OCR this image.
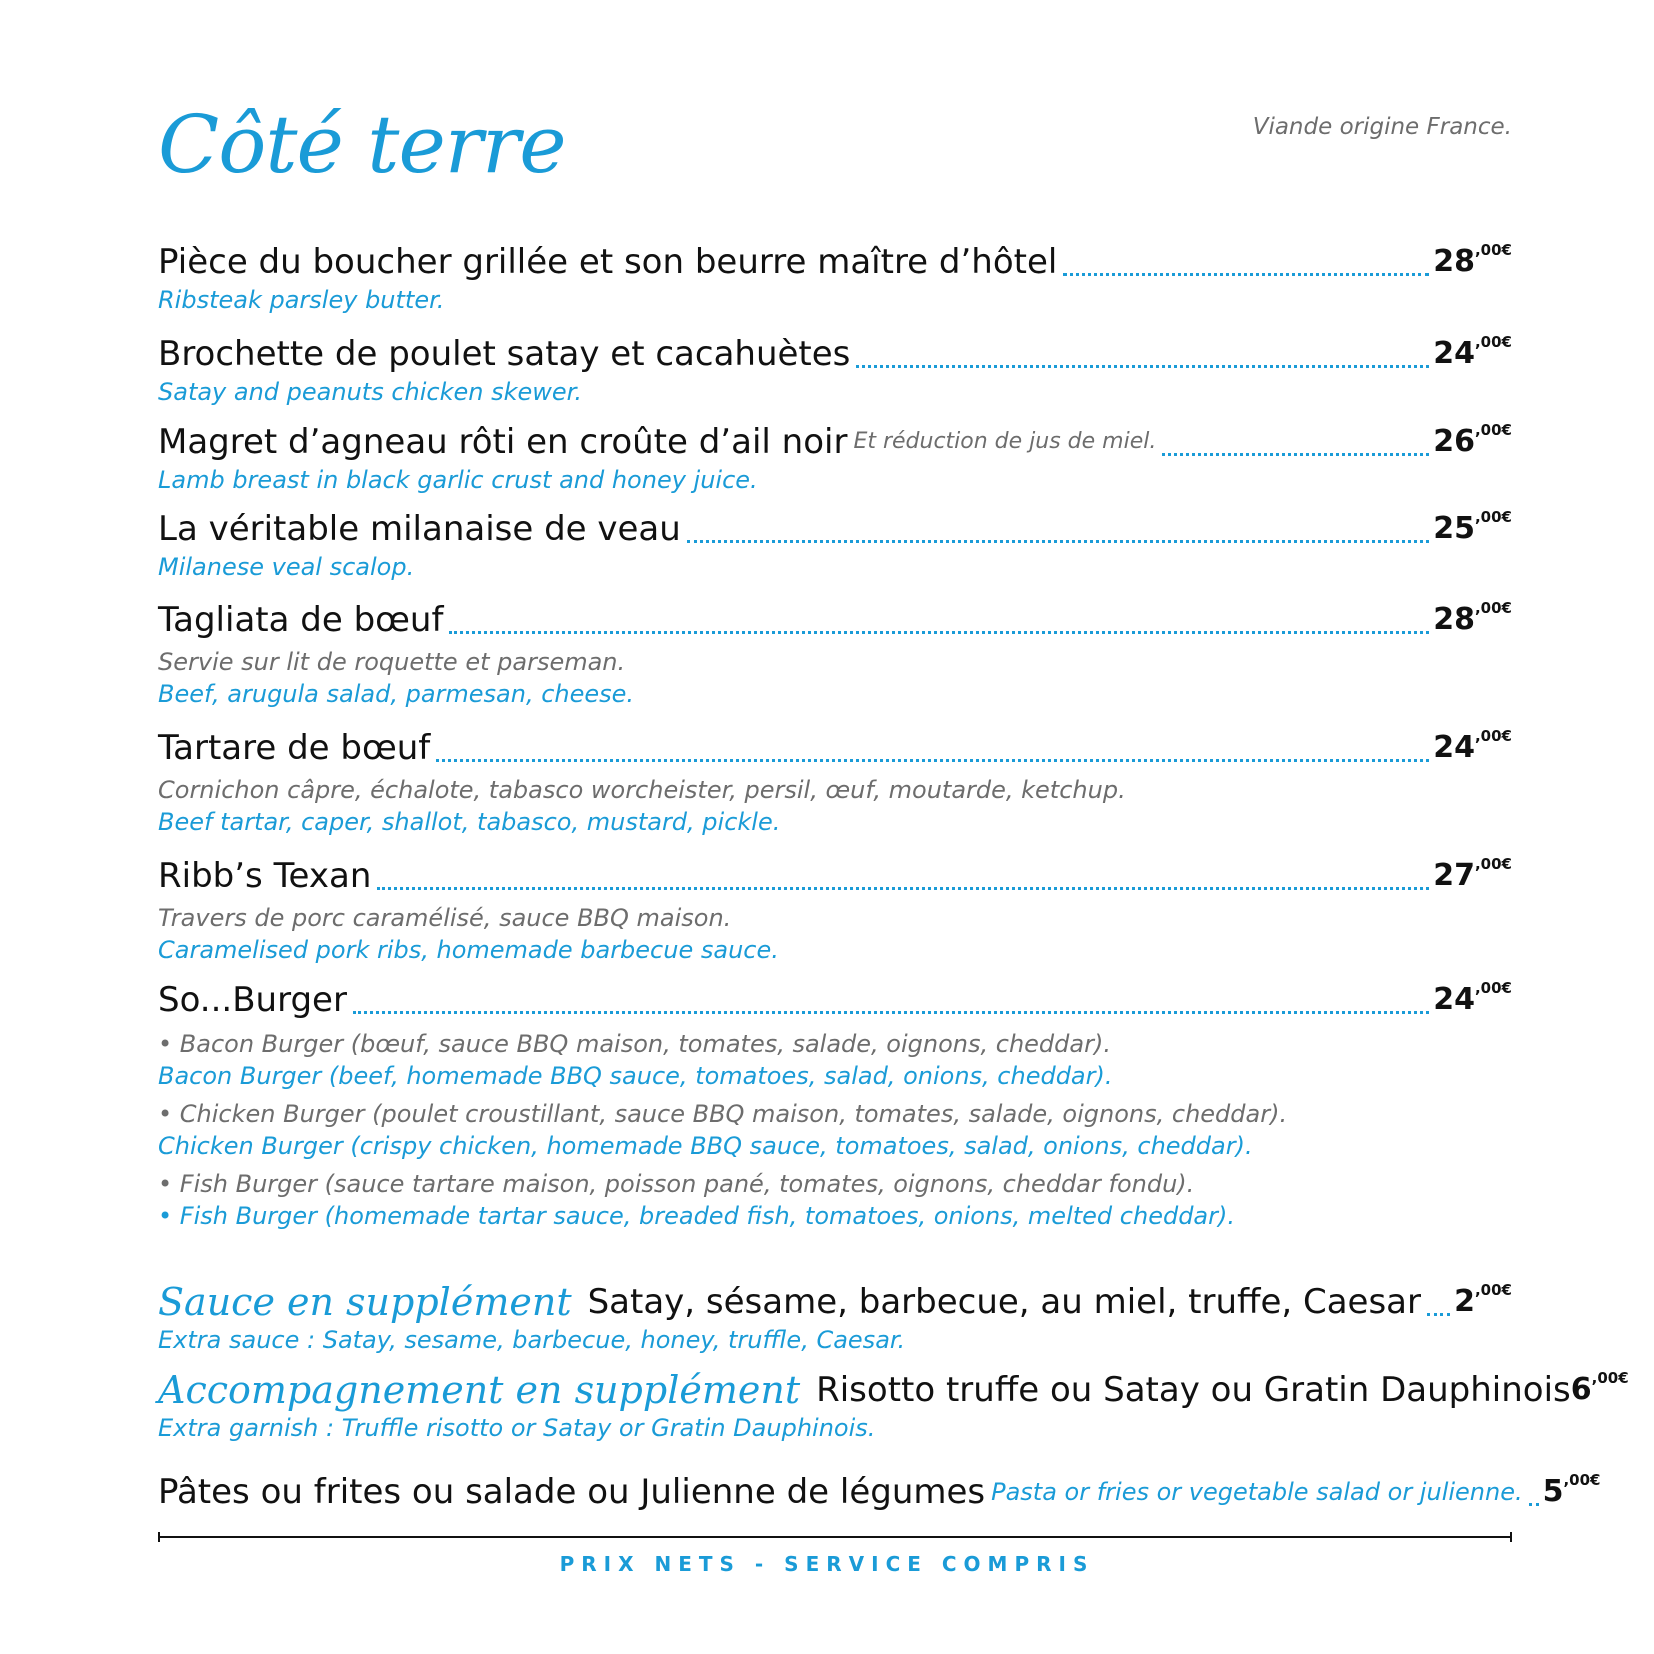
Côté terre	Viande origine France.
Pièce du boucher grillée et son beurre maître d’hôtel	$28^{,00€}$
Ribsteak parsley butter.
Brochette de poulet satay et cacahuètes	$24^{,00€}$
Satay and peanuts chicken skewer.
Magret d’agneau rôti en croûte d’ail noir Et réduction de jus de miel.	$26^{,00€}$
Lamb breast in black garlic crust and honey juice.
La véritable milanaise de veau	$25^{,00€}$
Milanese veal scalop.
Tagliata de bœuf	$28^{,00€}$
Servie sur lit de roquette et parseman.
Beef, arugula salad, parmesan, cheese.
Tartare de bœuf	$24^{,00€}$
Cornichon câpre, échalote, tabasco worcheister, persil, œuf, moutarde, ketchup.
Beef tartar, caper, shallot, tabasco, mustard, pickle.
Ribb’s Texan	$27^{,00€}$
Travers de porc caramélisé, sauce BBQ maison.
Caramelised pork ribs, homemade barbecue sauce.
So...Burger	$24^{,00€}$
• Bacon Burger (bœuf, sauce BBQ maison, tomates, salade, oignons, cheddar).
Bacon Burger (beef, homemade BBQ sauce, tomatoes, salad, onions, cheddar).
• Chicken Burger (poulet croustillant, sauce BBQ maison, tomates, salade, oignons, cheddar).
Chicken Burger (crispy chicken, homemade BBQ sauce, tomatoes, salad, onions, cheddar).
• Fish Burger (sauce tartare maison, poisson pané, tomates, oignons, cheddar fondu).
• Fish Burger (homemade tartar sauce, breaded fish, tomatoes, onions, melted cheddar).
Sauce en supplément Satay, sésame, barbecue, au miel, truffe, Caesar $2^{,00€}$
Extra sauce : Satay, sesame, barbecue, honey, truffle, Caesar.
Accompagnement en supplément Risotto truffe ou Satay ou Gratin Dauphinois $6^{,00€}$
Extra garnish : Truffle risotto or Satay or Gratin Dauphinois.
Pâtes ou frites ou salade ou Julienne de légumes Pasta or fries or vegetable salad or julienne. $5^{,00€}$
PRIX NETS - SERVICE COMPRIS
